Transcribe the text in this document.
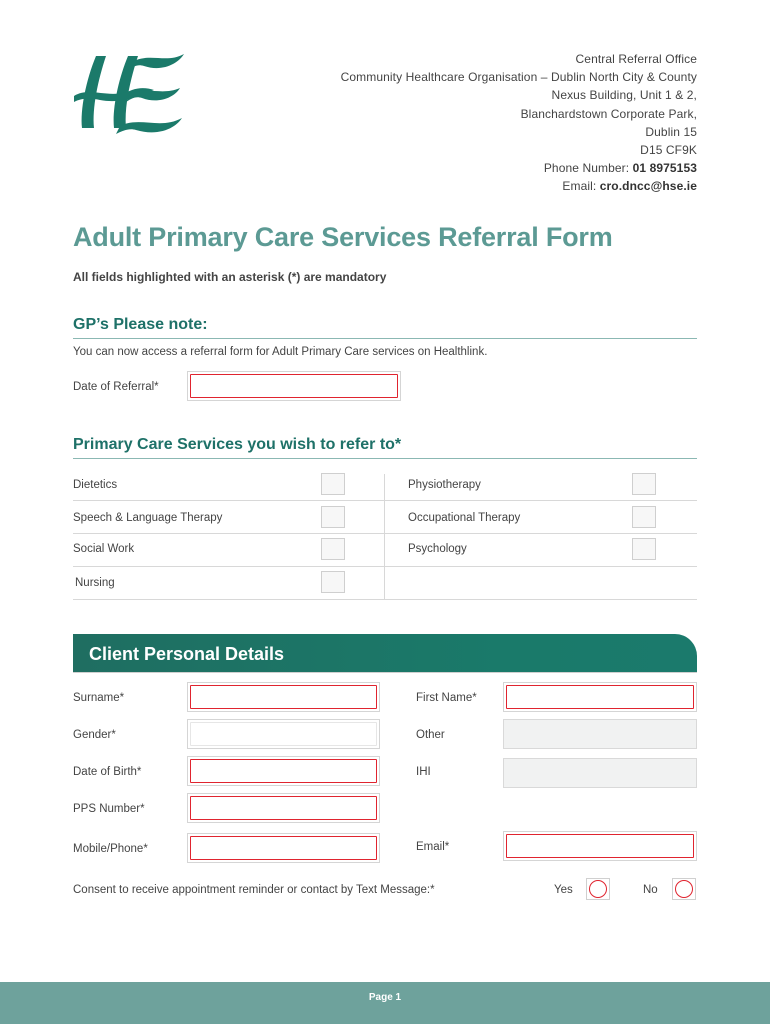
Central Referral Office
Community Healthcare Organisation – Dublin North City & County
Nexus Building, Unit 1 & 2,
Blanchardstown Corporate Park,
Dublin 15
D15 CF9K
Phone Number: 01 8975153
Email: cro.dncc@hse.ie
Adult Primary Care Services Referral Form
All fields highlighted with an asterisk (*) are mandatory
GP’s Please note:
You can now access a referral form for Adult Primary Care services on Healthlink.
Date of Referral*
Primary Care Services you wish to refer to*
Dietetics	Physiotherapy
Speech & Language Therapy	Occupational Therapy
Social Work	Psychology
Nursing
Client Personal Details
Surname*	First Name*
Gender*	Other
Date of Birth*	IHI
PPS Number*
Mobile/Phone*	Email*
Consent to receive appointment reminder or contact by Text Message:*	Yes	No
Page 1
